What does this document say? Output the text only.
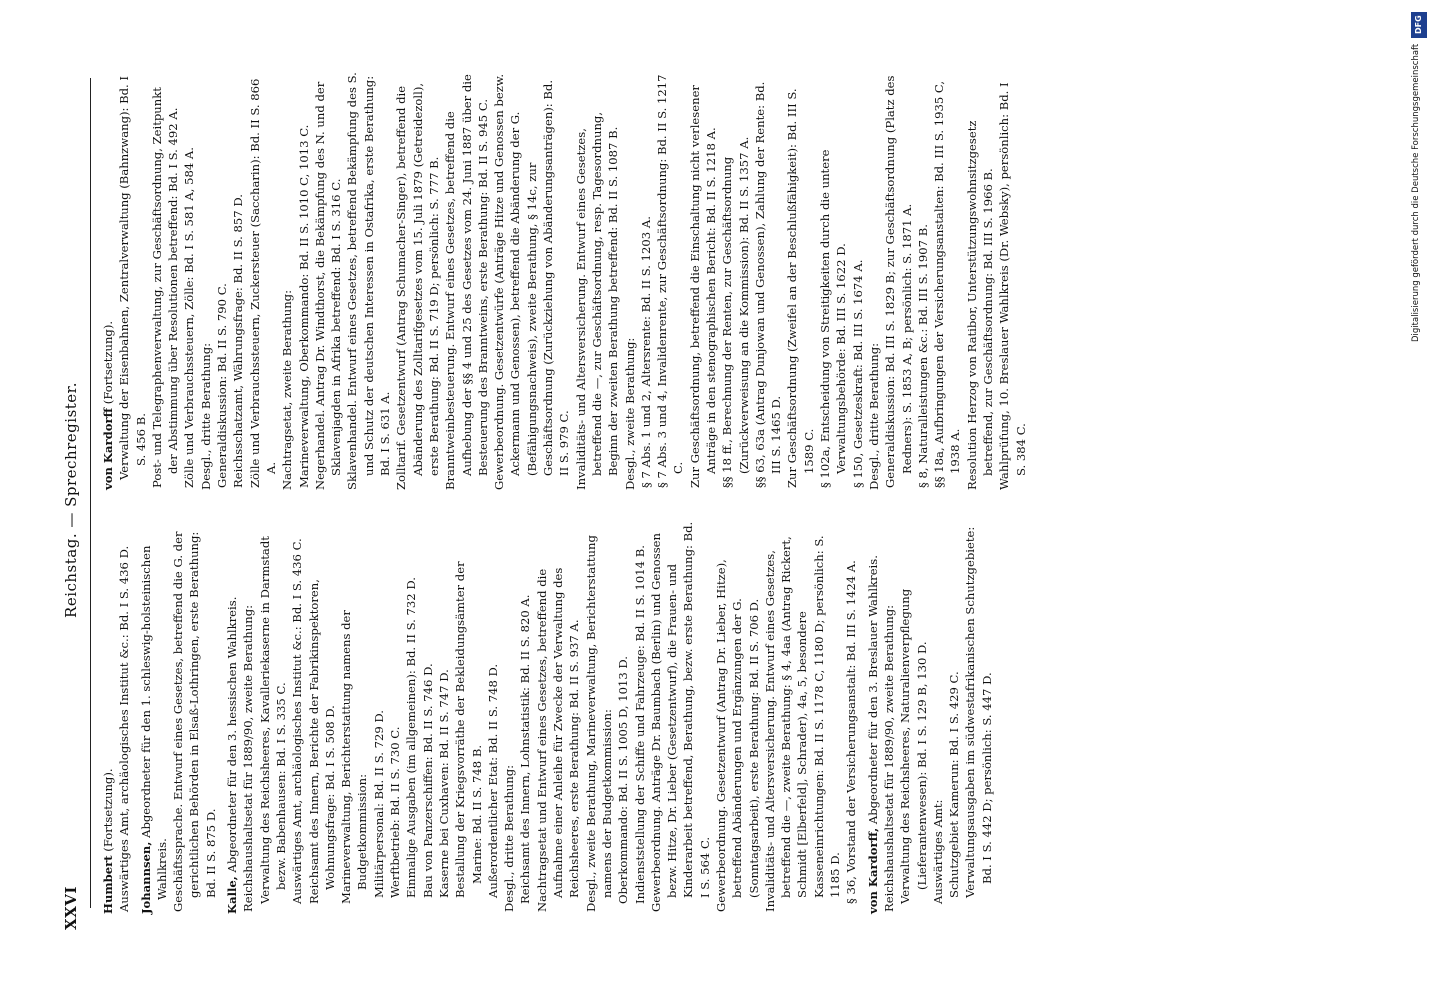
XXVI
Reichstag. — Sprechregister.
Humbert (Fortsetzung). Auswärtiges Amt, archäologisches Institut &c.: Bd. I S. 436 D. Johannsen, Abgeordneter für den 1. schleswig-holsteinischen Wahlkreis. Geschäftssprache. Entwurf eines Gesetzes, betreffend die G. der gerichtlichen Behörden in Elsaß-Lothringen, erste Berathung: Bd. II S. 875 D. Kalle, Abgeordneter für den 3. hessischen Wahlkreis. Reichshaushaltsetat für 1889/90, zweite Berathung: Verwaltung des Reichsheeres, Kavalleriekaserne in Darmstadt bezw. Babenhausen: Bd. I S. 335 C. Auswärtiges Amt, archäologisches Institut &c.: Bd. I S. 436 C. Reichsamt des Innern, Berichte der Fabrikinspektoren, Wohnungsfrage: Bd. I S. 508 D. Marineverwaltung, Berichterstattung namens der Budgetkommission: Militärpersonal: Bd. II S. 729 D. Werftbetrieb: Bd. II S. 730 C. Einmalige Ausgaben (im allgemeinen): Bd. II S. 732 D. Bau von Panzerschiffen: Bd. II S. 746 D. Kaserne bei Cuxhaven: Bd. II S. 747 D. Bestallung der Kriegsvorräthe der Bekleidungsämter der Marine: Bd. II S. 748 B. Außerordentlicher Etat: Bd. II S. 748 D. Desgl., dritte Berathung: Reichsamt des Innern, Lohnstatistik: Bd. II S. 820 A. Nachtragsetat und Entwurf eines Gesetzes, betreffend die Aufnahme einer Anleihe für Zwecke der Verwaltung des Reichsheeres, erste Berathung: Bd. II S. 937 A. Desgl., zweite Berathung, Marineverwaltung, Berichterstattung namens der Budgetkommission: Oberkommando: Bd. II S. 1005 D, 1013 D. Indienststellung der Schiffe und Fahrzeuge: Bd. II S. 1014 B. Gewerbeordnung. Anträge Dr. Baumbach (Berlin) und Genossen bezw. Hitze, Dr. Lieber (Gesetzentwurf), die Frauen- und Kinderarbeit betreffend, Berathung, bezw. erste Berathung: Bd. I S. 564 C. Gewerbeordnung. Gesetzentwurf (Antrag Dr. Lieber, Hitze), betreffend Abänderungen und Ergänzungen der G. (Sonntagsarbeit), erste Berathung: Bd. II S. 706 D. Invaliditäts- und Altersversicherung. Entwurf eines Gesetzes, betreffend die —, zweite Berathung: § 4, 4aa (Antrag Rickert, Schmidt [Elberfeld], Schrader), 4a, 5, besondere Kasseneinrichtungen: Bd. II S. 1178 C, 1180 D; persönlich: S. 1185 D. § 36, Vorstand der Versicherungsanstalt: Bd. III S. 1424 A. von Kardorff, Abgeordneter für den 3. Breslauer Wahlkreis. Reichshaushaltsetat für 1889/90, zweite Berathung: Verwaltung des Reichsheeres, Naturalienverpflegung (Lieferantenwesen): Bd. I S. 129 B, 130 D. Auswärtiges Amt: Schutzgebiet Kamerun: Bd. I S. 429 C. Verwaltungsausgaben im südwestafrikanischen Schutzgebiete: Bd. I S. 442 D; persönlich: S. 447 D.
von Kardorff (Fortsetzung). Verwaltung der Eisenbahnen, Zentralverwaltung (Bahnzwang): Bd. I S. 456 B. Post- und Telegraphenverwaltung, zur Geschäftsordnung, Zeitpunkt der Abstimmung über Resolutionen betreffend: Bd. I S. 492 A. Zölle und Verbrauchssteuern, Zölle: Bd. I S. 581 A, 584 A. Desgl., dritte Berathung: Generaldiskussion: Bd. II S. 790 C. Reichsschatzamt, Währungsfrage: Bd. II S. 857 D. Zölle und Verbrauchssteuern, Zuckersteuer (Saccharin): Bd. II S. 866 A. Nachtragsetat, zweite Berathung: Marineverwaltung, Oberkommando: Bd. II S. 1010 C, 1013 C. Negerhandel. Antrag Dr. Windthorst, die Bekämpfung des N. und der Sklavenjagden in Afrika betreffend: Bd. I S. 316 C. Sklavenhandel. Entwurf eines Gesetzes, betreffend Bekämpfung des S. und Schutz der deutschen Interessen in Ostafrika, erste Berathung: Bd. I S. 631 A. Zolltarif. Gesetzentwurf (Antrag Schumacher-Singer), betreffend die Abänderung des Zolltarifgesetzes vom 15. Juli 1879 (Getreidezoll), erste Berathung: Bd. II S. 719 D; persönlich: S. 777 B. Branntweinbesteuerung. Entwurf eines Gesetzes, betreffend die Aufhebung der §§ 4 und 25 des Gesetzes vom 24. Juni 1887 über die Besteuerung des Branntweins, erste Berathung: Bd. II S. 945 C. Gewerbeordnung. Gesetzentwürfe (Anträge Hitze und Genossen bezw. Ackermann und Genossen), betreffend die Abänderung der G. (Befähigungsnachweis), zweite Berathung, § 14c, zur Geschäftsordnung (Zurückziehung von Abänderungsanträgen): Bd. II S. 979 C. Invaliditäts- und Altersversicherung. Entwurf eines Gesetzes, betreffend die —, zur Geschäftsordnung, resp. Tagesordnung, Beginn der zweiten Berathung betreffend: Bd. II S. 1087 B. Desgl., zweite Berathung: § 7 Abs. 1 und 2, Altersrente: Bd. II S. 1203 A. § 7 Abs. 3 und 4, Invalidenrente, zur Geschäftsordnung: Bd. II S. 1217 C. Zur Geschäftsordnung, betreffend die Einschaltung nicht verlesener Anträge in den stenographischen Bericht: Bd. II S. 1218 A. §§ 18 ff., Berechnung der Renten, zur Geschäftsordnung (Zurückverweisung an die Kommission): Bd. II S. 1357 A. §§ 63, 63a (Antrag Dunjowan und Genossen), Zahlung der Rente: Bd. III S. 1465 D. Zur Geschäftsordnung (Zweifel an der Beschlußfähigkeit): Bd. III S. 1589 C. § 102a, Entscheidung von Streitigkeiten durch die untere Verwaltungsbehörde: Bd. III S. 1622 D. § 150, Gesetzeskraft: Bd. III S. 1674 A. Desgl., dritte Berathung: Generaldiskussion: Bd. III S. 1829 B; zur Geschäftsordnung (Platz des Redners): S. 1853 A, B; persönlich: S. 1871 A. § 8, Naturalleistungen &c.: Bd. III S. 1907 B. §§ 18a, Aufbringungen der Versicherungsanstalten: Bd. III S. 1935 C, 1938 A. Resolution Herzog von Ratibor, Unterstützungswohnsitzgesetz betreffend, zur Geschäftsordnung: Bd. III S. 1966 B. Wahlprüfung, 10. Breslauer Wahlkreis (Dr. Websky), persönlich: Bd. I S. 384 C.
DFG
Digitalisierung gefördert durch die Deutsche Forschungsgemeinschaft
